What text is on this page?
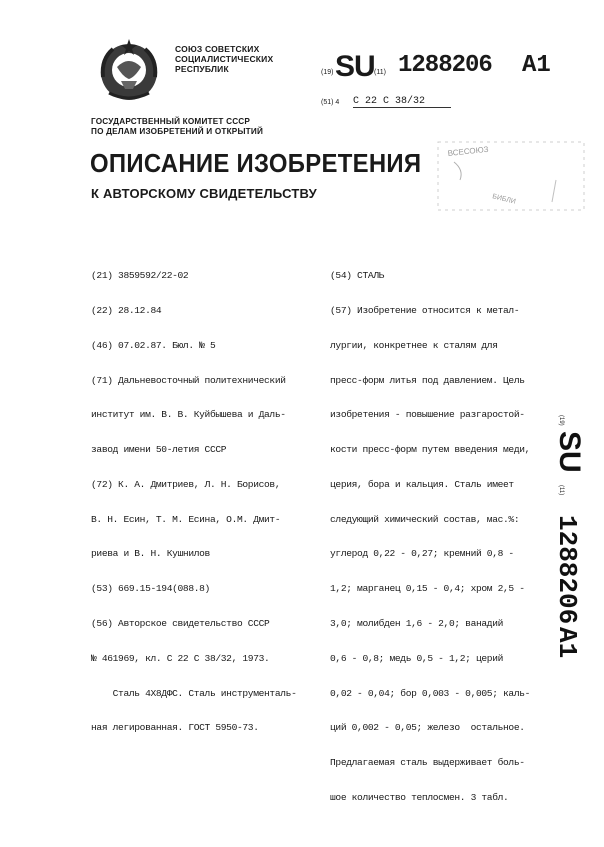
СОЮЗ СОВЕТСКИХ
СОЦИАЛИСТИЧЕСКИХ
РЕСПУБЛИК	(19) SU (11) 1288206 A1
(51) 4 С 22 С 38/32
ГОСУДАРСТВЕННЫЙ КОМИТЕТ СССР
ПО ДЕЛАМ ИЗОБРЕТЕНИЙ И ОТКРЫТИЙ
ОПИСАНИЕ ИЗОБРЕТЕНИЯ
К АВТОРСКОМУ СВИДЕТЕЛЬСТВУ
ВСЕСОЮЗ
БИБЛИ

(21) 3859592/22-02

(22) 28.12.84

(46) 07.02.87. Бюл. № 5

(71) Дальневосточный политехнический

институт им. В. В. Куйбышева и Даль-

завод имени 50-летия СССР

(72) К. А. Дмитриев, Л. Н. Борисов,

В. Н. Есин, Т. М. Есина, О.М. Дмит-

риева и В. Н. Кушнилов

(53) 669.15-194(088.8)

(56) Авторское свидетельство СССР

№ 461969, кл. С 22 С 38/32, 1973.

Сталь 4Х8ДФС. Сталь инструменталь-

ная легированная. ГОСТ 5950-73.

(54) СТАЛЬ

(57) Изобретение относится к метал-

лургии, конкретнее к сталям для

пресс-форм литья под давлением. Цель

изобретения - повышение разгаростой-

кости пресс-форм путем введения меди,

церия, бора и кальция. Сталь имеет

следующий химический состав, мас.%:

углерод 0,22 - 0,27; кремний 0,8 -

1,2; марганец 0,15 - 0,4; хром 2,5 -

3,0; молибден 1,6 - 2,0; ванадий

0,6 - 0,8; медь 0,5 - 1,2; церий

0,02 - 0,04; бор 0,003 - 0,005; каль-

ций 0,002 - 0,05; железо  остальное.

Предлагаемая сталь выдерживает боль-

шое количество теплосмен. 3 табл.

(19)
SU
(11)
1288206
A1
